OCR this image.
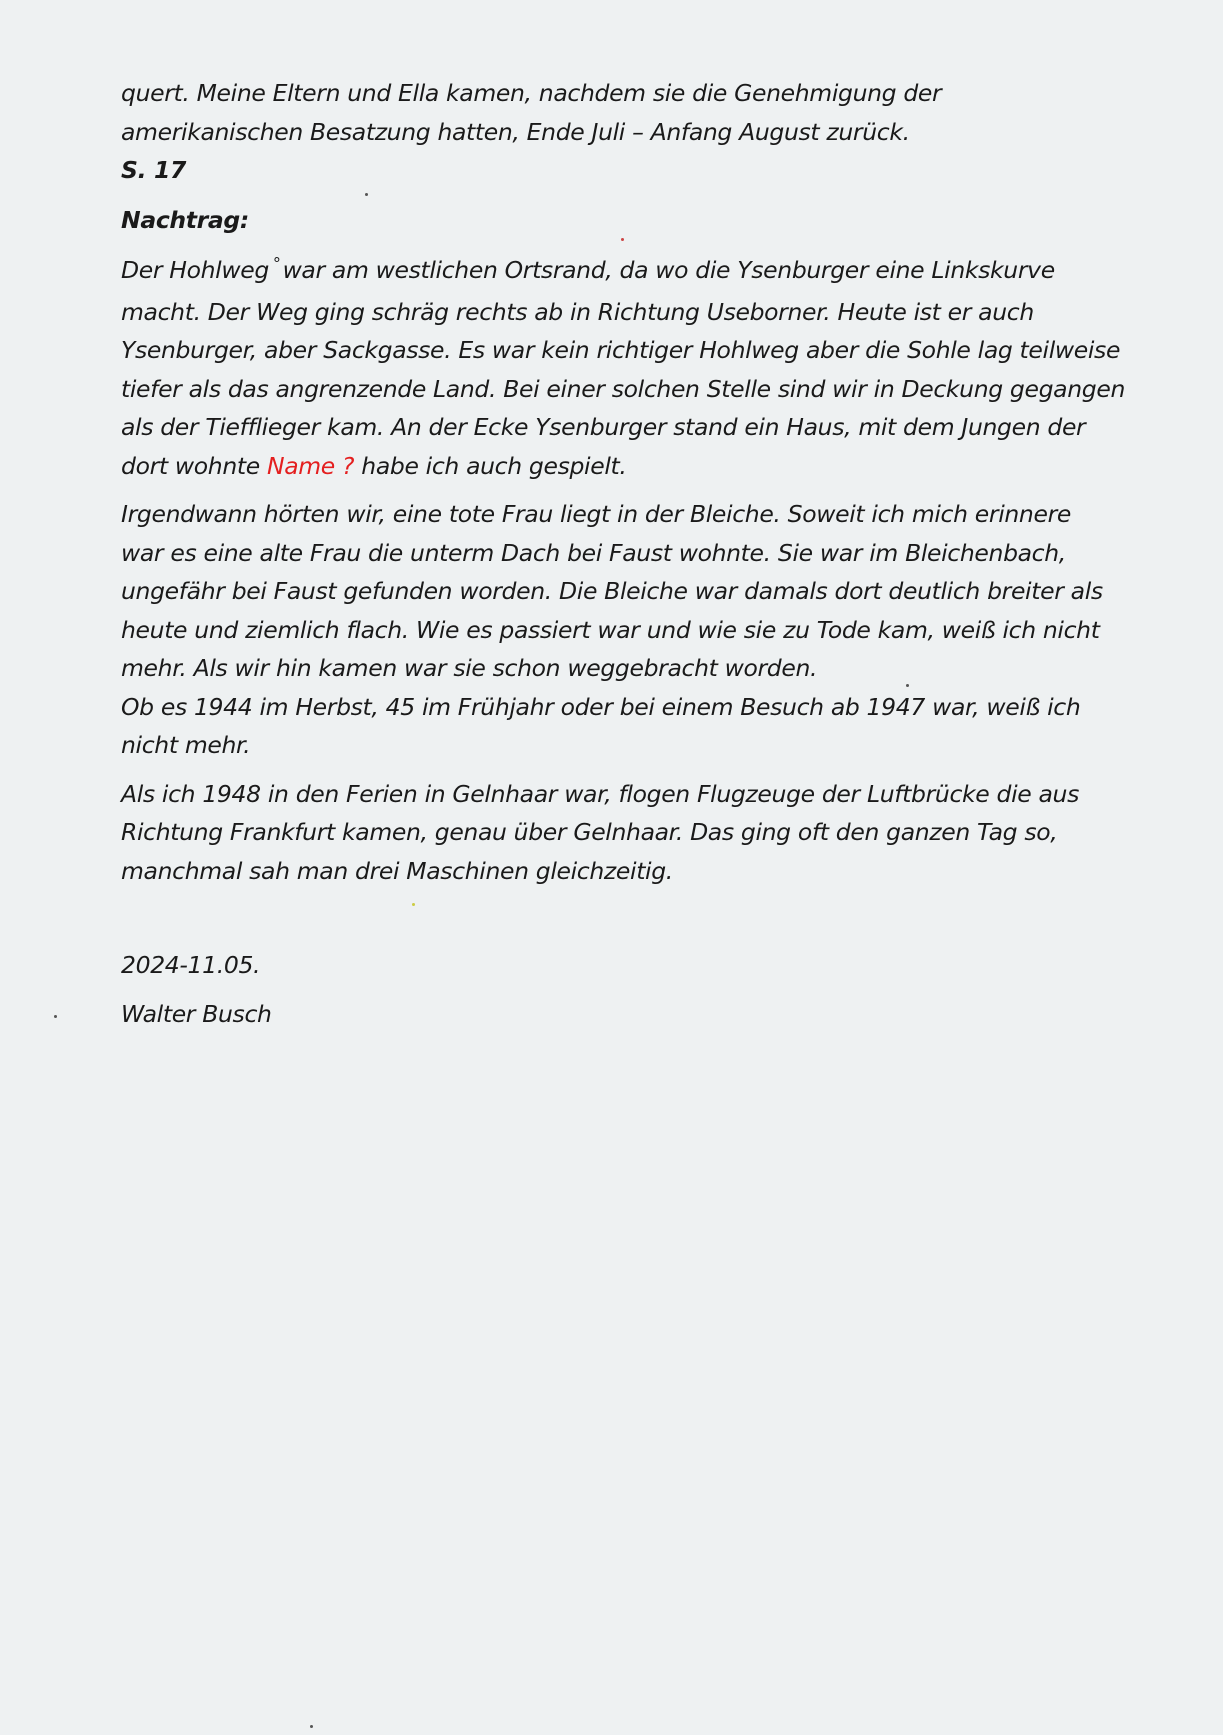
quert. Meine Eltern und Ella kamen, nachdem sie die Genehmigung der

amerikanischen Besatzung hatten, Ende Juli – Anfang August zurück.

S. 17

Nachtrag:

Der Hohlweg °war am westlichen Ortsrand, da wo die Ysenburger eine Linkskurve

macht. Der Weg ging schräg rechts ab in Richtung Useborner. Heute ist er auch

Ysenburger, aber Sackgasse. Es war kein richtiger Hohlweg aber die Sohle lag teilweise

tiefer als das angrenzende Land. Bei einer solchen Stelle sind wir in Deckung gegangen

als der Tiefflieger kam. An der Ecke Ysenburger stand ein Haus, mit dem Jungen der

dort wohnte Name ? habe ich auch gespielt.

Irgendwann hörten wir, eine tote Frau liegt in der Bleiche. Soweit ich mich erinnere

war es eine alte Frau die unterm Dach bei Faust wohnte. Sie war im Bleichenbach,

ungefähr bei Faust gefunden worden. Die Bleiche war damals dort deutlich breiter als

heute und ziemlich flach. Wie es passiert war und wie sie zu Tode kam, weiß ich nicht

mehr. Als wir hin kamen war sie schon weggebracht worden.

Ob es 1944 im Herbst, 45 im Frühjahr oder bei einem Besuch ab 1947 war, weiß ich

nicht mehr.

Als ich 1948 in den Ferien in Gelnhaar war, flogen Flugzeuge der Luftbrücke die aus

Richtung Frankfurt kamen, genau über Gelnhaar. Das ging oft den ganzen Tag so,

manchmal sah man drei Maschinen gleichzeitig.

2024-11.05.

Walter Busch
